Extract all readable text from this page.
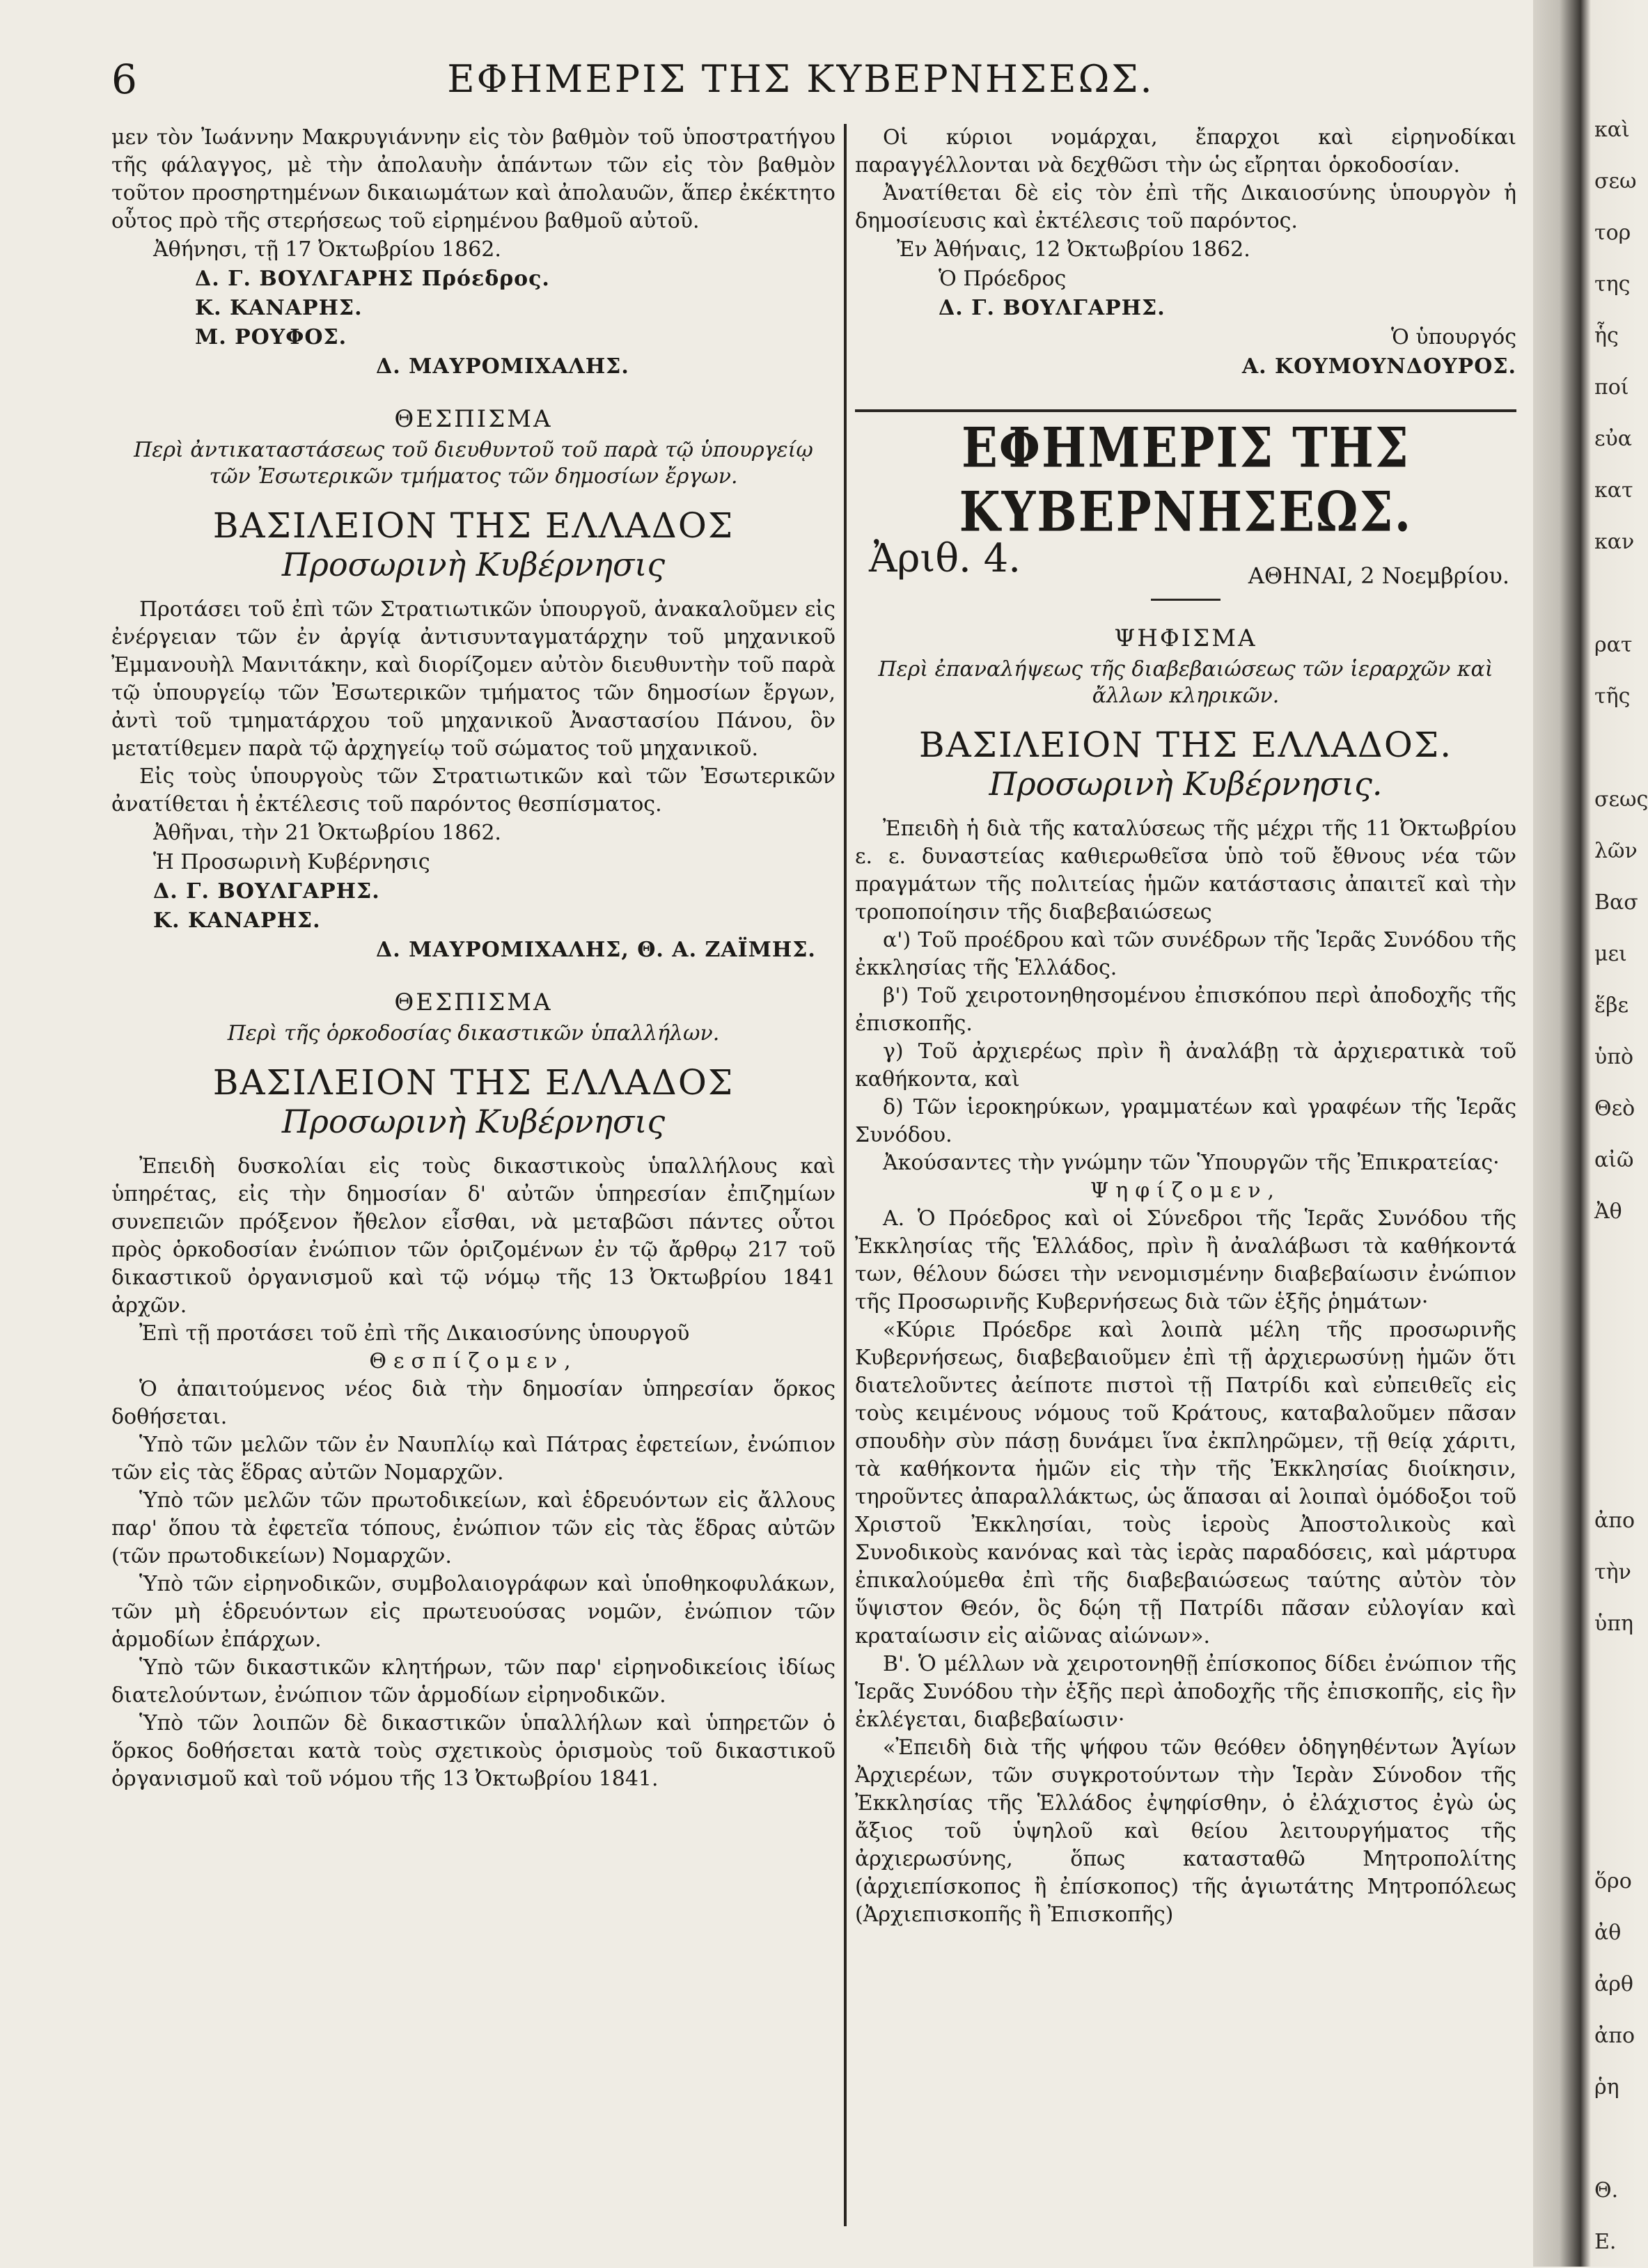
καὶ
σεω
τορ
της
ἧς
ποί
εὐα
κατ
καν
ρατ
τῆς
σεως
λῶν
Βασ
μει
ἕβε
ὑπὸ
Θεὸ
αἰῶ
Ἀθ
ἀπο
τὴν
ὑπη
ὅρο
ἀθ
ἀρθ
ἀπο
ῥη
Θ.
Ε.
6	ΕΦΗΜΕΡΙΣ ΤΗΣ ΚΥΒΕΡΝΗΣΕΩΣ.

μεν τὸν Ἰωάννην Μακρυγιάννην εἰς τὸν βαθμὸν τοῦ ὑποστρατήγου τῆς φάλαγγος, μὲ τὴν ἀπολαυὴν ἁπάντων τῶν εἰς τὸν βαθμὸν τοῦτον προσηρτημένων δικαιωμάτων καὶ ἀπολαυῶν, ἅπερ ἐκέκτητο οὗτος πρὸ τῆς στερήσεως τοῦ εἰρημένου βαθμοῦ αὐτοῦ.

Ἀθήνησι, τῇ 17 Ὀκτωβρίου 1862.

Δ. Γ. ΒΟΥΛΓΑΡΗΣ Πρόεδρος.

Κ. ΚΑΝΑΡΗΣ.

Μ. ΡΟΥΦΟΣ.

Δ. ΜΑΥΡΟΜΙΧΑΛΗΣ.

ΘΕΣΠΙΣΜΑ

Περὶ ἀντικαταστάσεως τοῦ διευθυντοῦ τοῦ παρὰ τῷ ὑπουργείῳ τῶν Ἐσωτερικῶν τμήματος τῶν δημοσίων ἔργων.

ΒΑΣΙΛΕΙΟΝ ΤΗΣ ΕΛΛΑΔΟΣ
Προσωρινὴ Κυβέρνησις

Προτάσει τοῦ ἐπὶ τῶν Στρατιωτικῶν ὑπουργοῦ, ἀνακαλοῦμεν εἰς ἐνέργειαν τῶν ἐν ἀργίᾳ ἀντισυνταγματάρχην τοῦ μηχανικοῦ Ἐμμανουὴλ Μανιτάκην, καὶ διορίζομεν αὐτὸν διευθυντὴν τοῦ παρὰ τῷ ὑπουργείῳ τῶν Ἐσωτερικῶν τμήματος τῶν δημοσίων ἔργων, ἀντὶ τοῦ τμηματάρχου τοῦ μηχανικοῦ Ἀναστασίου Πάνου, ὃν μετατίθεμεν παρὰ τῷ ἀρχηγείῳ τοῦ σώματος τοῦ μηχανικοῦ.

Εἰς τοὺς ὑπουργοὺς τῶν Στρατιωτικῶν καὶ τῶν Ἐσωτερικῶν ἀνατίθεται ἡ ἐκτέλεσις τοῦ παρόντος θεσπίσματος.

Ἀθῆναι, τὴν 21 Ὀκτωβρίου 1862.

Ἡ Προσωρινὴ Κυβέρνησις

Δ. Γ. ΒΟΥΛΓΑΡΗΣ.

Κ. ΚΑΝΑΡΗΣ.

Δ. ΜΑΥΡΟΜΙΧΑΛΗΣ, Θ. Α. ΖΑΪΜΗΣ.

ΘΕΣΠΙΣΜΑ

Περὶ τῆς ὁρκοδοσίας δικαστικῶν ὑπαλλήλων.

ΒΑΣΙΛΕΙΟΝ ΤΗΣ ΕΛΛΑΔΟΣ
Προσωρινὴ Κυβέρνησις

Ἐπειδὴ δυσκολίαι εἰς τοὺς δικαστικοὺς ὑπαλλήλους καὶ ὑπηρέτας, εἰς τὴν δημοσίαν δ' αὐτῶν ὑπηρεσίαν ἐπιζημίων συνεπειῶν πρόξενον ἤθελον εἶσθαι, νὰ μεταβῶσι πάντες οὗτοι πρὸς ὁρκοδοσίαν ἐνώπιον τῶν ὁριζομένων ἐν τῷ ἄρθρῳ 217 τοῦ δικαστικοῦ ὀργανισμοῦ καὶ τῷ νόμῳ τῆς 13 Ὀκτωβρίου 1841 ἀρχῶν.

Ἐπὶ τῇ προτάσει τοῦ ἐπὶ τῆς Δικαιοσύνης ὑπουργοῦ

Θεσπίζομεν,

Ὁ ἀπαιτούμενος νέος διὰ τὴν δημοσίαν ὑπηρεσίαν ὅρκος δοθήσεται.

Ὑπὸ τῶν μελῶν τῶν ἐν Ναυπλίῳ καὶ Πάτρας ἐφετείων, ἐνώπιον τῶν εἰς τὰς ἕδρας αὐτῶν Νομαρχῶν.

Ὑπὸ τῶν μελῶν τῶν πρωτοδικείων, καὶ ἑδρευόντων εἰς ἄλλους παρ' ὅπου τὰ ἐφετεῖα τόπους, ἐνώπιον τῶν εἰς τὰς ἕδρας αὐτῶν (τῶν πρωτοδικείων) Νομαρχῶν.

Ὑπὸ τῶν εἰρηνοδικῶν, συμβολαιογράφων καὶ ὑποθηκοφυλάκων, τῶν μὴ ἑδρευόντων εἰς πρωτευούσας νομῶν, ἐνώπιον τῶν ἁρμοδίων ἐπάρχων.

Ὑπὸ τῶν δικαστικῶν κλητήρων, τῶν παρ' εἰρηνοδικείοις ἰδίως διατελούντων, ἐνώπιον τῶν ἁρμοδίων εἰρηνοδικῶν.

Ὑπὸ τῶν λοιπῶν δὲ δικαστικῶν ὑπαλλήλων καὶ ὑπηρετῶν ὁ ὅρκος δοθήσεται κατὰ τοὺς σχετικοὺς ὁρισμοὺς τοῦ δικαστικοῦ ὀργανισμοῦ καὶ τοῦ νόμου τῆς 13 Ὀκτωβρίου 1841.

Οἱ κύριοι νομάρχαι, ἔπαρχοι καὶ εἰρηνοδίκαι παραγγέλλονται νὰ δεχθῶσι τὴν ὡς εἴρηται ὁρκοδοσίαν.

Ἀνατίθεται δὲ εἰς τὸν ἐπὶ τῆς Δικαιοσύνης ὑπουργὸν ἡ δημοσίευσις καὶ ἐκτέλεσις τοῦ παρόντος.

Ἐν Ἀθήναις, 12 Ὀκτωβρίου 1862.

Ὁ Πρόεδρος

Δ. Γ. ΒΟΥΛΓΑΡΗΣ.

Ὁ ὑπουργός

Α. ΚΟΥΜΟΥΝΔΟΥΡΟΣ.

ΕΦΗΜΕΡΙΣ ΤΗΣ ΚΥΒΕΡΝΗΣΕΩΣ.
Ἀριθ. 4.	ΑΘΗΝΑΙ, 2 Νοεμβρίου.
ΨΗΦΙΣΜΑ

Περὶ ἐπαναλήψεως τῆς διαβεβαιώσεως τῶν ἱεραρχῶν καὶ ἄλλων κληρικῶν.

ΒΑΣΙΛΕΙΟΝ ΤΗΣ ΕΛΛΑΔΟΣ.
Προσωρινὴ Κυβέρνησις.

Ἐπειδὴ ἡ διὰ τῆς καταλύσεως τῆς μέχρι τῆς 11 Ὀκτωβρίου ε. ε. δυναστείας καθιερωθεῖσα ὑπὸ τοῦ ἔθνους νέα τῶν πραγμάτων τῆς πολιτείας ἡμῶν κατάστασις ἀπαιτεῖ καὶ τὴν τροποποίησιν τῆς διαβεβαιώσεως

α') Τοῦ προέδρου καὶ τῶν συνέδρων τῆς Ἱερᾶς Συνόδου τῆς ἐκκλησίας τῆς Ἑλλάδος.

β') Τοῦ χειροτονηθησομένου ἐπισκόπου περὶ ἀποδοχῆς τῆς ἐπισκοπῆς.

γ) Τοῦ ἀρχιερέως πρὶν ἢ ἀναλάβῃ τὰ ἀρχιερατικὰ τοῦ καθήκοντα, καὶ

δ) Τῶν ἱεροκηρύκων, γραμματέων καὶ γραφέων τῆς Ἱερᾶς Συνόδου.

Ἀκούσαντες τὴν γνώμην τῶν Ὑπουργῶν τῆς Ἐπικρατείας·

Ψηφίζομεν,

Α. Ὁ Πρόεδρος καὶ οἱ Σύνεδροι τῆς Ἱερᾶς Συνόδου τῆς Ἐκκλησίας τῆς Ἑλλάδος, πρὶν ἢ ἀναλάβωσι τὰ καθήκοντά των, θέλουν δώσει τὴν νενομισμένην διαβεβαίωσιν ἐνώπιον τῆς Προσωρινῆς Κυβερνήσεως διὰ τῶν ἑξῆς ῥημάτων·

«Κύριε Πρόεδρε καὶ λοιπὰ μέλη τῆς προσωρινῆς Κυβερνήσεως, διαβεβαιοῦμεν ἐπὶ τῇ ἀρχιερωσύνῃ ἡμῶν ὅτι διατελοῦντες ἀείποτε πιστοὶ τῇ Πατρίδι καὶ εὐπειθεῖς εἰς τοὺς κειμένους νόμους τοῦ Κράτους, καταβαλοῦμεν πᾶσαν σπουδὴν σὺν πάσῃ δυνάμει ἵνα ἐκπληρῶμεν, τῇ θείᾳ χάριτι, τὰ καθήκοντα ἡμῶν εἰς τὴν τῆς Ἐκκλησίας διοίκησιν, τηροῦντες ἀπαραλλάκτως, ὡς ἅπασαι αἱ λοιπαὶ ὁμόδοξοι τοῦ Χριστοῦ Ἐκκλησίαι, τοὺς ἱεροὺς Ἀποστολικοὺς καὶ Συνοδικοὺς κανόνας καὶ τὰς ἱερὰς παραδόσεις, καὶ μάρτυρα ἐπικαλούμεθα ἐπὶ τῆς διαβεβαιώσεως ταύτης αὐτὸν τὸν ὕψιστον Θεόν, ὃς δῴη τῇ Πατρίδι πᾶσαν εὐλογίαν καὶ κραταίωσιν εἰς αἰῶνας αἰώνων».

Β'. Ὁ μέλλων νὰ χειροτονηθῇ ἐπίσκοπος δίδει ἐνώπιον τῆς Ἱερᾶς Συνόδου τὴν ἑξῆς περὶ ἀποδοχῆς τῆς ἐπισκοπῆς, εἰς ἣν ἐκλέγεται, διαβεβαίωσιν·

«Ἐπειδὴ διὰ τῆς ψήφου τῶν θεόθεν ὁδηγηθέντων Ἁγίων Ἀρχιερέων, τῶν συγκροτούντων τὴν Ἱερὰν Σύνοδον τῆς Ἐκκλησίας τῆς Ἑλλάδος ἐψηφίσθην, ὁ ἐλάχιστος ἐγὼ ὡς ἄξιος τοῦ ὑψηλοῦ καὶ θείου λειτουργήματος τῆς ἀρχιερωσύνης, ὅπως κατασταθῶ Μητροπολίτης (ἀρχιεπίσκοπος ἢ ἐπίσκοπος) τῆς ἁγιωτάτης Μητροπόλεως (Ἀρχιεπισκοπῆς ἢ Ἐπισκοπῆς)
